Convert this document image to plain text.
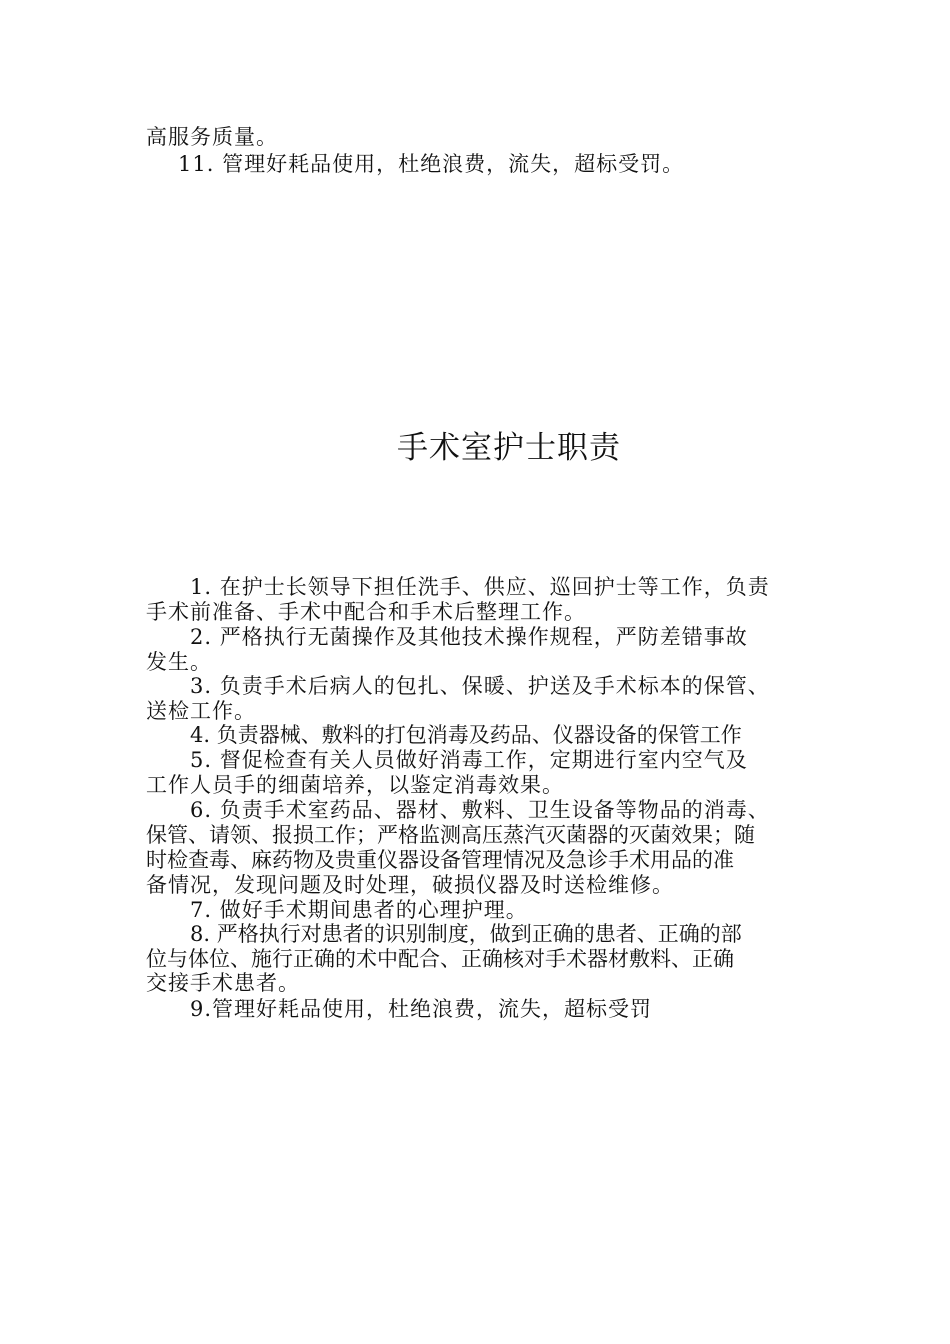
高服务质量。
11. 管理好耗品使用，杜绝浪费，流失，超标受罚。
手术室护士职责
1. 在护士长领导下担任洗手、供应、巡回护士等工作，负责
手术前准备、手术中配合和手术后整理工作。
2. 严格执行无菌操作及其他技术操作规程，严防差错事故
发生。
3. 负责手术后病人的包扎、保暖、护送及手术标本的保管、
送检工作。
4. 负责器械、敷料的打包消毒及药品、仪器设备的保管工作
5. 督促检查有关人员做好消毒工作，定期进行室内空气及
工作人员手的细菌培养，以鉴定消毒效果。
6. 负责手术室药品、器材、敷料、卫生设备等物品的消毒、
保管、请领、报损工作；严格监测高压蒸汽灭菌器的灭菌效果；随
时检查毒、麻药物及贵重仪器设备管理情况及急诊手术用品的准
备情况，发现问题及时处理，破损仪器及时送检维修。
7. 做好手术期间患者的心理护理。
8. 严格执行对患者的识别制度，做到正确的患者、正确的部
位与体位、施行正确的术中配合、正确核对手术器材敷料、正确
交接手术患者。
9.管理好耗品使用，杜绝浪费，流失，超标受罚
